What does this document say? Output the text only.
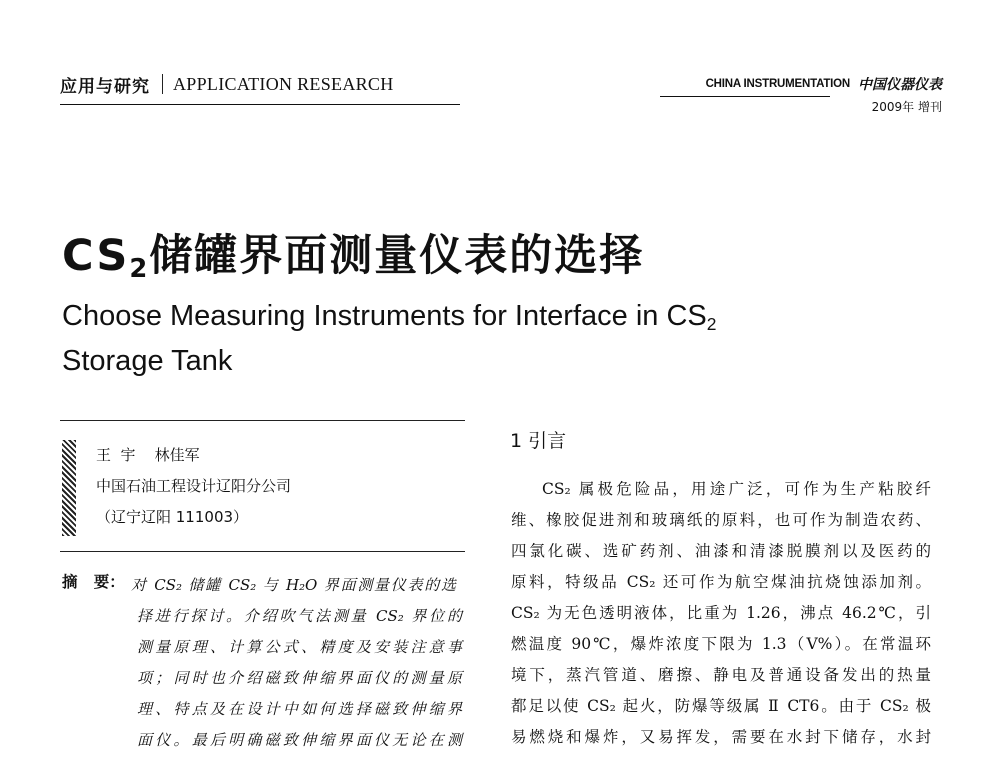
应用与研究 APPLICATION RESEARCH	CHINA INSTRUMENTATION 中国仪器仪表
2009年 增刊
$CS_2$储罐界面测量仪表的选择
Choose Measuring Instruments for Interface in $CS_2$
Storage Tank
王  宇    林佳军
中国石油工程设计辽阳分公司
（辽宁辽阳 111003）
摘   要： 对 CS₂ 储罐 CS₂ 与 H₂O 界面测量仪表的选
择进行探讨。介绍吹气法测量 CS₂ 界位的
测量原理、计算公式、精度及安装注意事
项；同时也介绍磁致伸缩界面仪的测量原
理、特点及在设计中如何选择磁致伸缩界
面仪。最后明确磁致伸缩界面仪无论在测
1 引言
CS₂ 属极危险品，用途广泛，可作为生产粘胶纤
维、橡胶促进剂和玻璃纸的原料，也可作为制造农药、
四氯化碳、选矿药剂、油漆和清漆脱膜剂以及医药的
原料，特级品 CS₂ 还可作为航空煤油抗烧蚀添加剂。
CS₂ 为无色透明液体，比重为 1.26，沸点 46.2℃，引
燃温度 90℃，爆炸浓度下限为 1.3（V%）。在常温环
境下，蒸汽管道、磨擦、静电及普通设备发出的热量
都足以使 CS₂ 起火，防爆等级属 Ⅱ CT6。由于 CS₂ 极
易燃烧和爆炸，又易挥发，需要在水封下储存，水封
